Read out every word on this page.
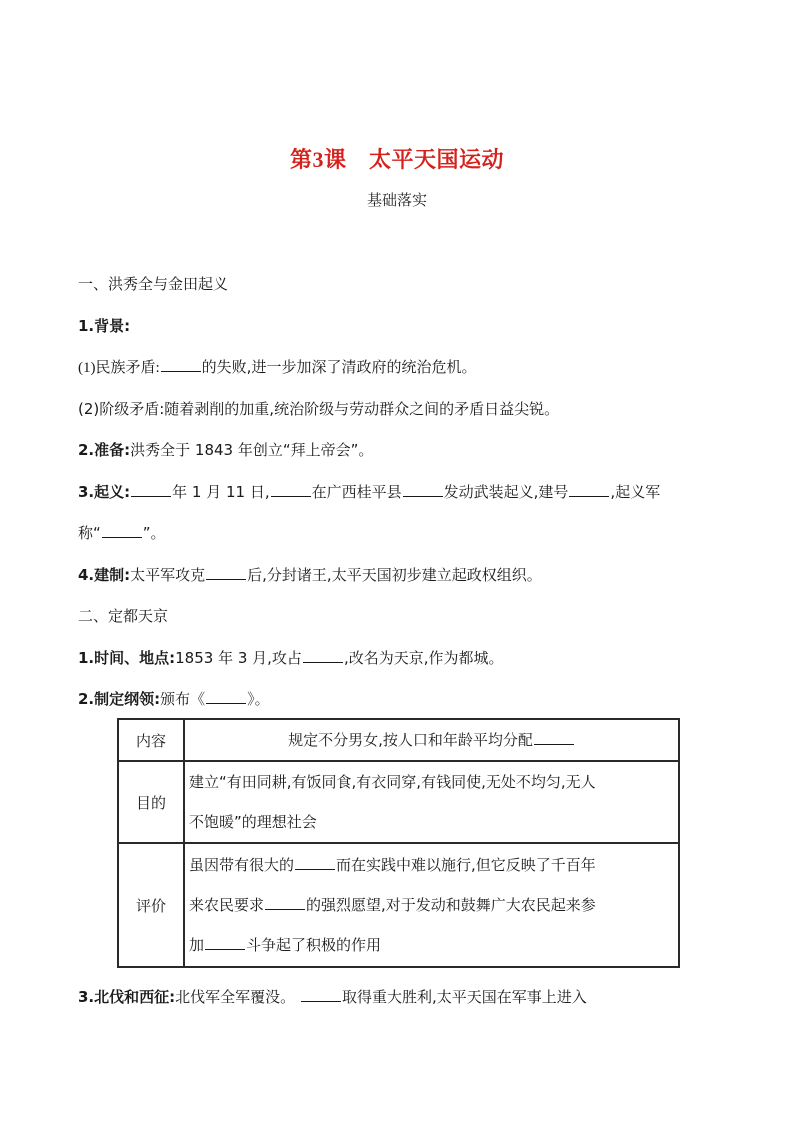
第3课　太平天国运动
基础落实
一、洪秀全与金田起义
1.背景:
(1)民族矛盾:	的失败,进一步加深了清政府的统治危机。
(2)阶级矛盾:随着剥削的加重,统治阶级与劳动群众之间的矛盾日益尖锐。
2.准备:洪秀全于 1843 年创立“拜上帝会”。
3.起义:	年 1 月 11 日,	在广西桂平县	发动武装起义,建号	,起义军
称“	”。
4.建制:太平军攻克	后,分封诸王,太平天国初步建立起政权组织。
二、定都天京
1.时间、地点:1853 年 3 月,攻占	,改名为天京,作为都城。
2.制定纲领:颁布《	》。
内容	规定不分男女,按人口和年龄平均分配
目的	建立“有田同耕,有饭同食,有衣同穿,有钱同使,无处不均匀,无人
不饱暖”的理想社会

评价	虽因带有很大的 而在实践中难以施行,但它反映了千百年
来农民要求 的强烈愿望,对于发动和鼓舞广大农民起来参
加 斗争起了积极的作用
3.北伐和西征:北伐军全军覆没。	取得重大胜利,太平天国在军事上进入
